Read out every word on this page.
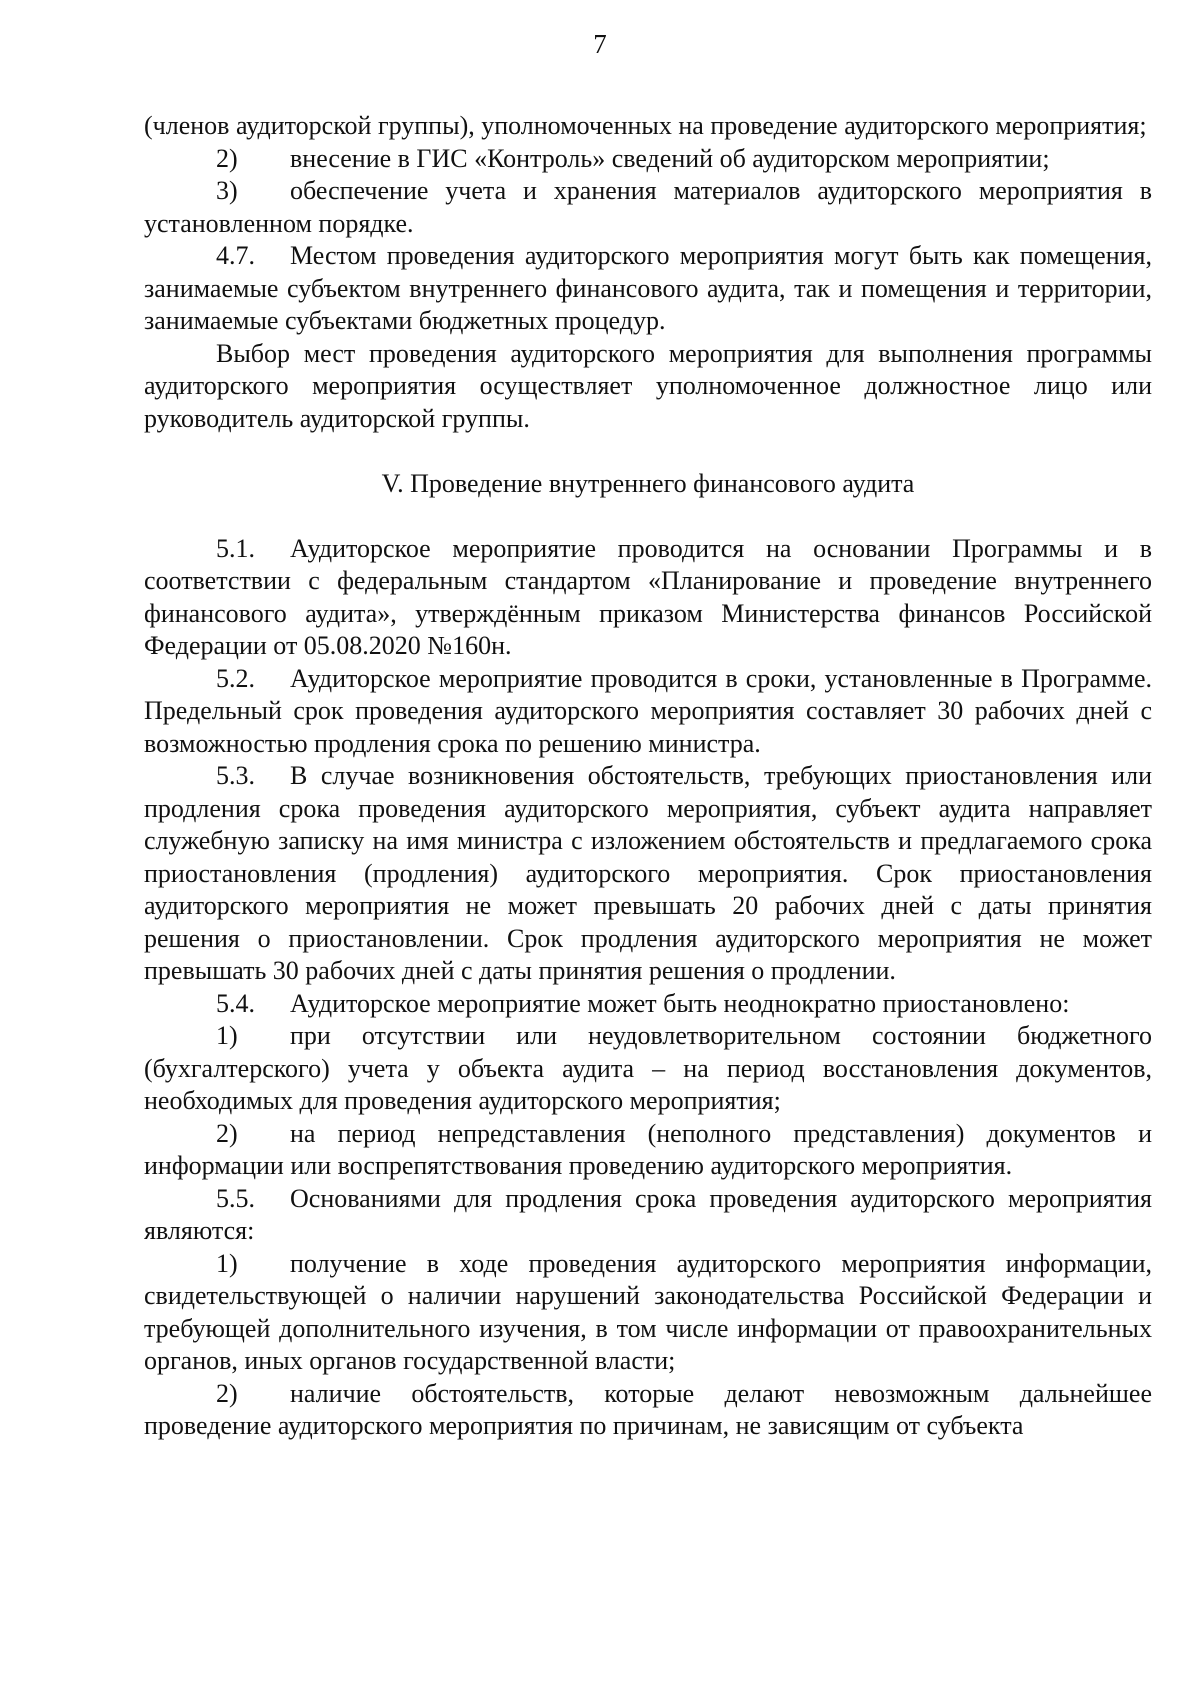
7

(членов аудиторской группы), уполномоченных на проведение аудиторского мероприятия;

2) внесение в ГИС «Контроль» сведений об аудиторском мероприятии;

3) обеспечение учета и хранения материалов аудиторского мероприятия в установленном порядке.

4.7. Местом проведения аудиторского мероприятия могут быть как помещения, занимаемые субъектом внутреннего финансового аудита, так и помещения и территории, занимаемые субъектами бюджетных процедур.

Выбор мест проведения аудиторского мероприятия для выполнения программы аудиторского мероприятия осуществляет уполномоченное должностное лицо или руководитель аудиторской группы.

V. Проведение внутреннего финансового аудита

5.1. Аудиторское мероприятие проводится на основании Программы и в соответствии с федеральным стандартом «Планирование и проведение внутреннего финансового аудита», утверждённым приказом Министерства финансов Российской Федерации от 05.08.2020 №160н.

5.2. Аудиторское мероприятие проводится в сроки, установленные в Программе. Предельный срок проведения аудиторского мероприятия составляет 30 рабочих дней с возможностью продления срока по решению министра.

5.3. В случае возникновения обстоятельств, требующих приостановления или продления срока проведения аудиторского мероприятия, субъект аудита направляет служебную записку на имя министра с изложением обстоятельств и предлагаемого срока приостановления (продления) аудиторского мероприятия. Срок приостановления аудиторского мероприятия не может превышать 20 рабочих дней с даты принятия решения о приостановлении. Срок продления аудиторского мероприятия не может превышать 30 рабочих дней с даты принятия решения о продлении.

5.4. Аудиторское мероприятие может быть неоднократно приостановлено:

1) при отсутствии или неудовлетворительном состоянии бюджетного (бухгалтерского) учета у объекта аудита – на период восстановления документов, необходимых для проведения аудиторского мероприятия;

2) на период непредставления (неполного представления) документов и информации или воспрепятствования проведению аудиторского мероприятия.

5.5. Основаниями для продления срока проведения аудиторского мероприятия являются:

1) получение в ходе проведения аудиторского мероприятия информации, свидетельствующей о наличии нарушений законодательства Российской Федерации и требующей дополнительного изучения, в том числе информации от правоохранительных органов, иных органов государственной власти;

2) наличие обстоятельств, которые делают невозможным дальнейшее проведение аудиторского мероприятия по причинам, не зависящим от субъекта
